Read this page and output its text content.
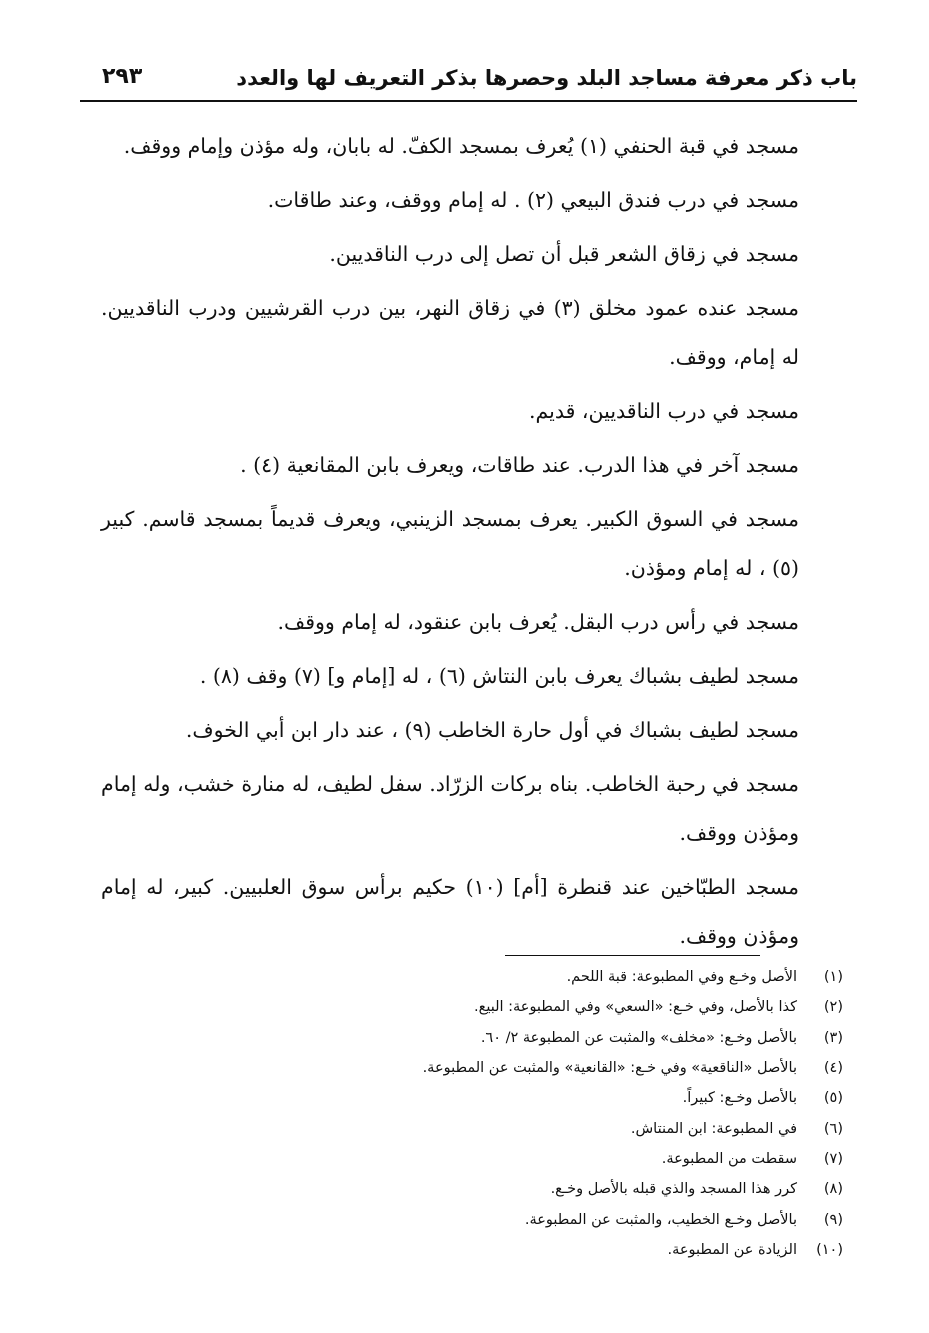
باب ذكر معرفة مساجد البلد وحصرها بذكر التعريف لها والعدد
٢٩٣

مسجد في قبة الحنفي (١) يُعرف بمسجد الكفّ. له بابان، وله مؤذن وإمام ووقف.

مسجد في درب فندق البيعي (٢) . له إمام ووقف، وعند طاقات.

مسجد في زقاق الشعر قبل أن تصل إلى درب الناقديين.

مسجد عنده عمود مخلق (٣) في زقاق النهر، بين درب القرشيين ودرب الناقديين. له إمام، ووقف.

مسجد في درب الناقديين، قديم.

مسجد آخر في هذا الدرب. عند طاقات، ويعرف بابن المقانعية (٤) .

مسجد في السوق الكبير. يعرف بمسجد الزينبي، ويعرف قديماً بمسجد قاسم. كبير (٥) ، له إمام ومؤذن.

مسجد في رأس درب البقل. يُعرف بابن عنقود، له إمام ووقف.

مسجد لطيف بشباك يعرف بابن النتاش (٦) ، له [إمام و] (٧) وقف (٨) .

مسجد لطيف بشباك في أول حارة الخاطب (٩) ، عند دار ابن أبي الخوف.

مسجد في رحبة الخاطب. بناه بركات الزرّاد. سفل لطيف، له منارة خشب، وله إمام ومؤذن ووقف.

مسجد الطبّاخين عند قنطرة [أم] (١٠) حكيم برأس سوق العلبيين. كبير، له إمام ومؤذن ووقف.

(١)
الأصل وخـع وفي المطبوعة: قبة اللحم.
(٢)
كذا بالأصل، وفي خـع: «السعي» وفي المطبوعة: البيع.
(٣)
بالأصل وخـع: «مخلف» والمثبت عن المطبوعة ٢/ ٦٠.
(٤)
بالأصل «الناقعية» وفي خـع: «القانعية» والمثبت عن المطبوعة.
(٥)
بالأصل وخـع: كبيراً.
(٦)
في المطبوعة: ابن المنتاش.
(٧)
سقطت من المطبوعة.
(٨)
كرر هذا المسجد والذي قبله بالأصل وخـع.
(٩)
بالأصل وخـع الخطيب، والمثبت عن المطبوعة.
(١٠)
الزيادة عن المطبوعة.
